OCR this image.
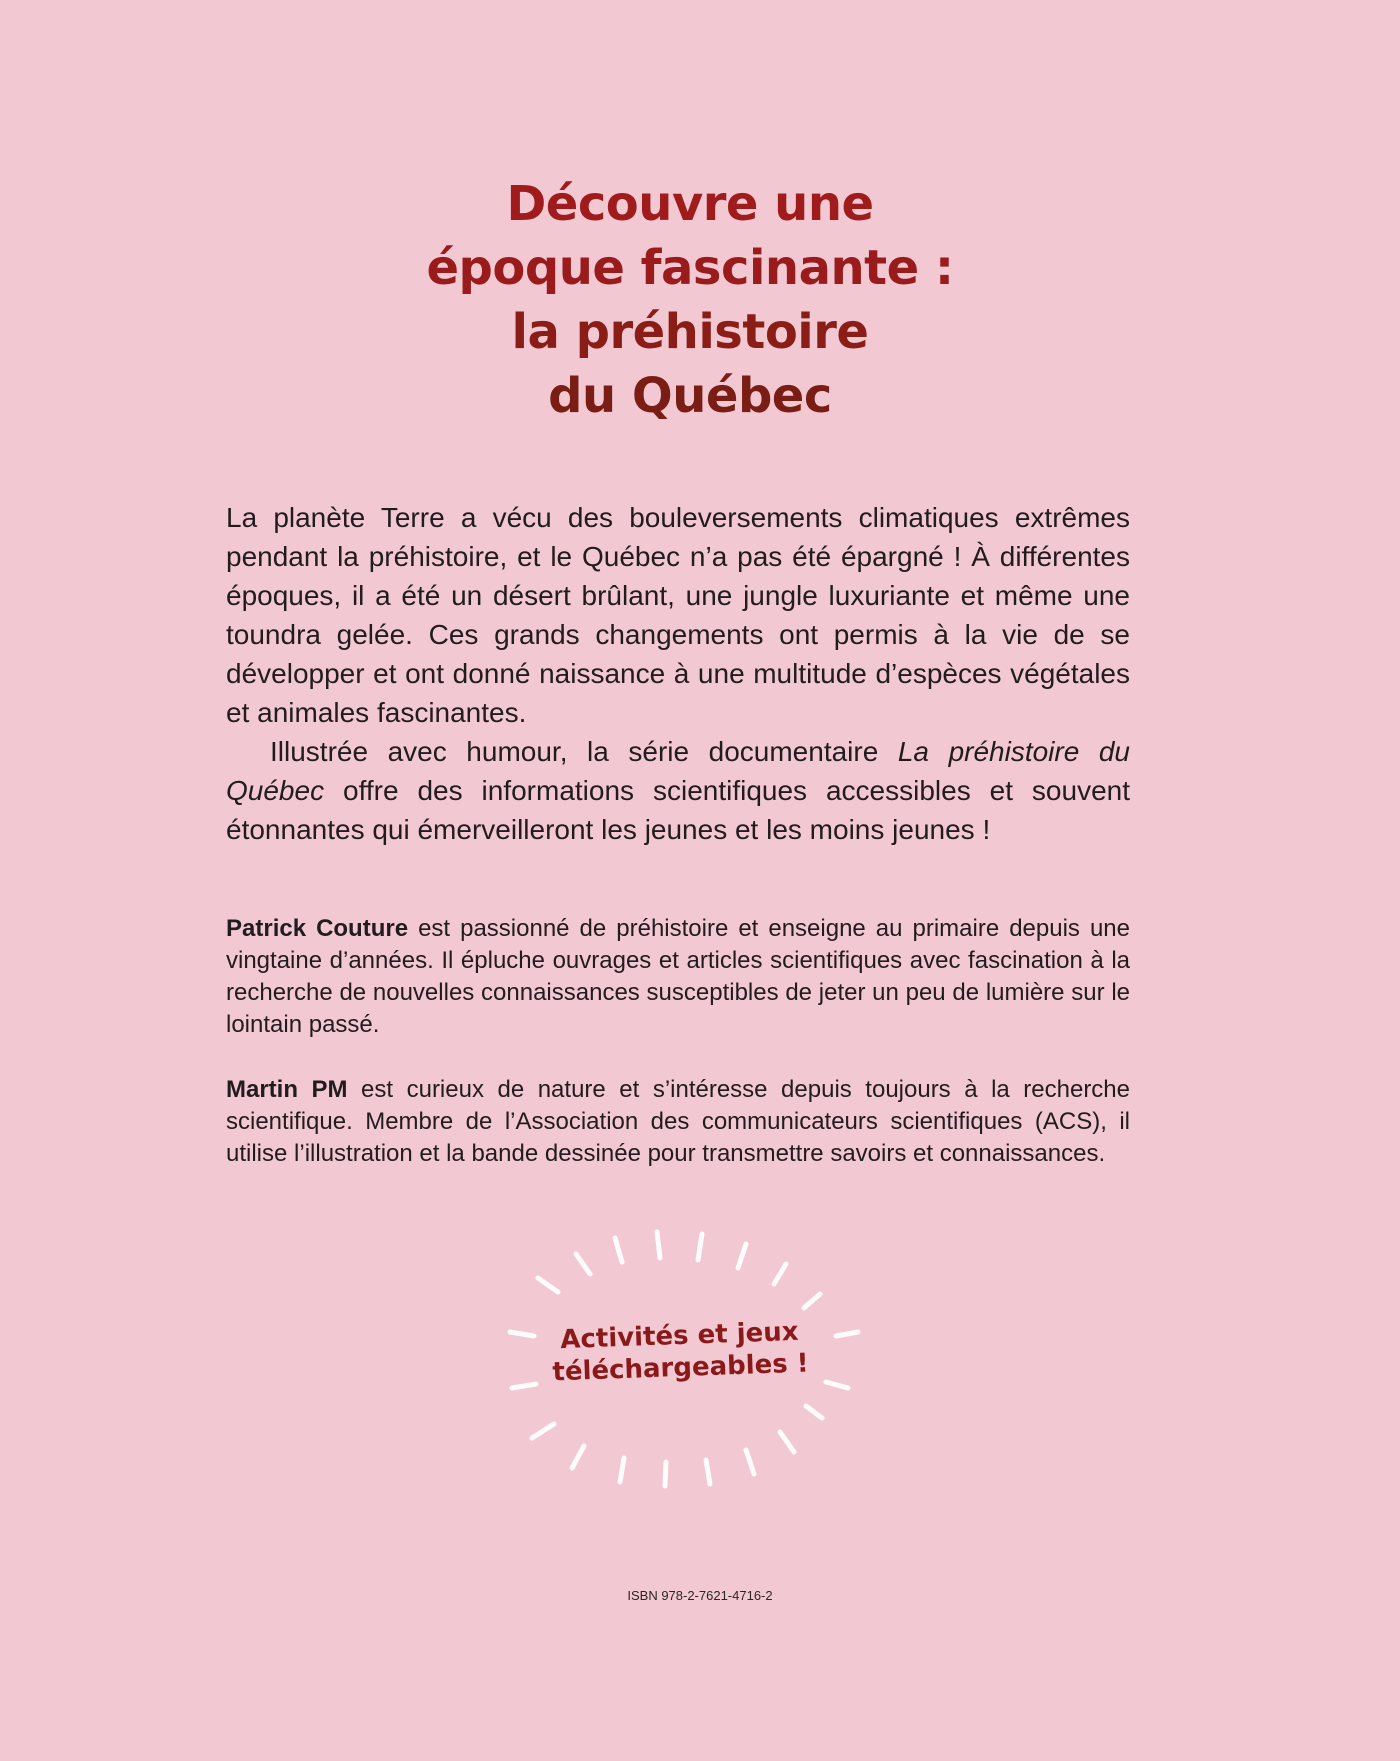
Découvre une
époque fascinante :
la préhistoire
du Québec

La planète Terre a vécu des bouleversements climatiques extrêmes pendant la préhistoire, et le Québec n’a pas été épargné ! À différentes époques, il a été un désert brûlant, une jungle luxuriante et même une toundra gelée. Ces grands changements ont permis à la vie de se développer et ont donné naissance à une multitude d’espèces végétales et animales fascinantes.

Illustrée avec humour, la série documentaire La préhistoire du Québec offre des informations scientifiques accessibles et souvent étonnantes qui émerveilleront les jeunes et les moins jeunes !

Patrick Couture est passionné de préhistoire et enseigne au primaire depuis une vingtaine d’années. Il épluche ouvrages et articles scientifiques avec fascination à la recherche de nouvelles connaissances susceptibles de jeter un peu de lumière sur le lointain passé.
Martin PM est curieux de nature et s’intéresse depuis toujours à la recherche scientifique. Membre de l’Association des communicateurs scientifiques (ACS), il utilise l’illustration et la bande dessinée pour transmettre savoirs et connaissances.
Activités et jeux
téléchargeables !
ISBN 978-2-7621-4716-2
